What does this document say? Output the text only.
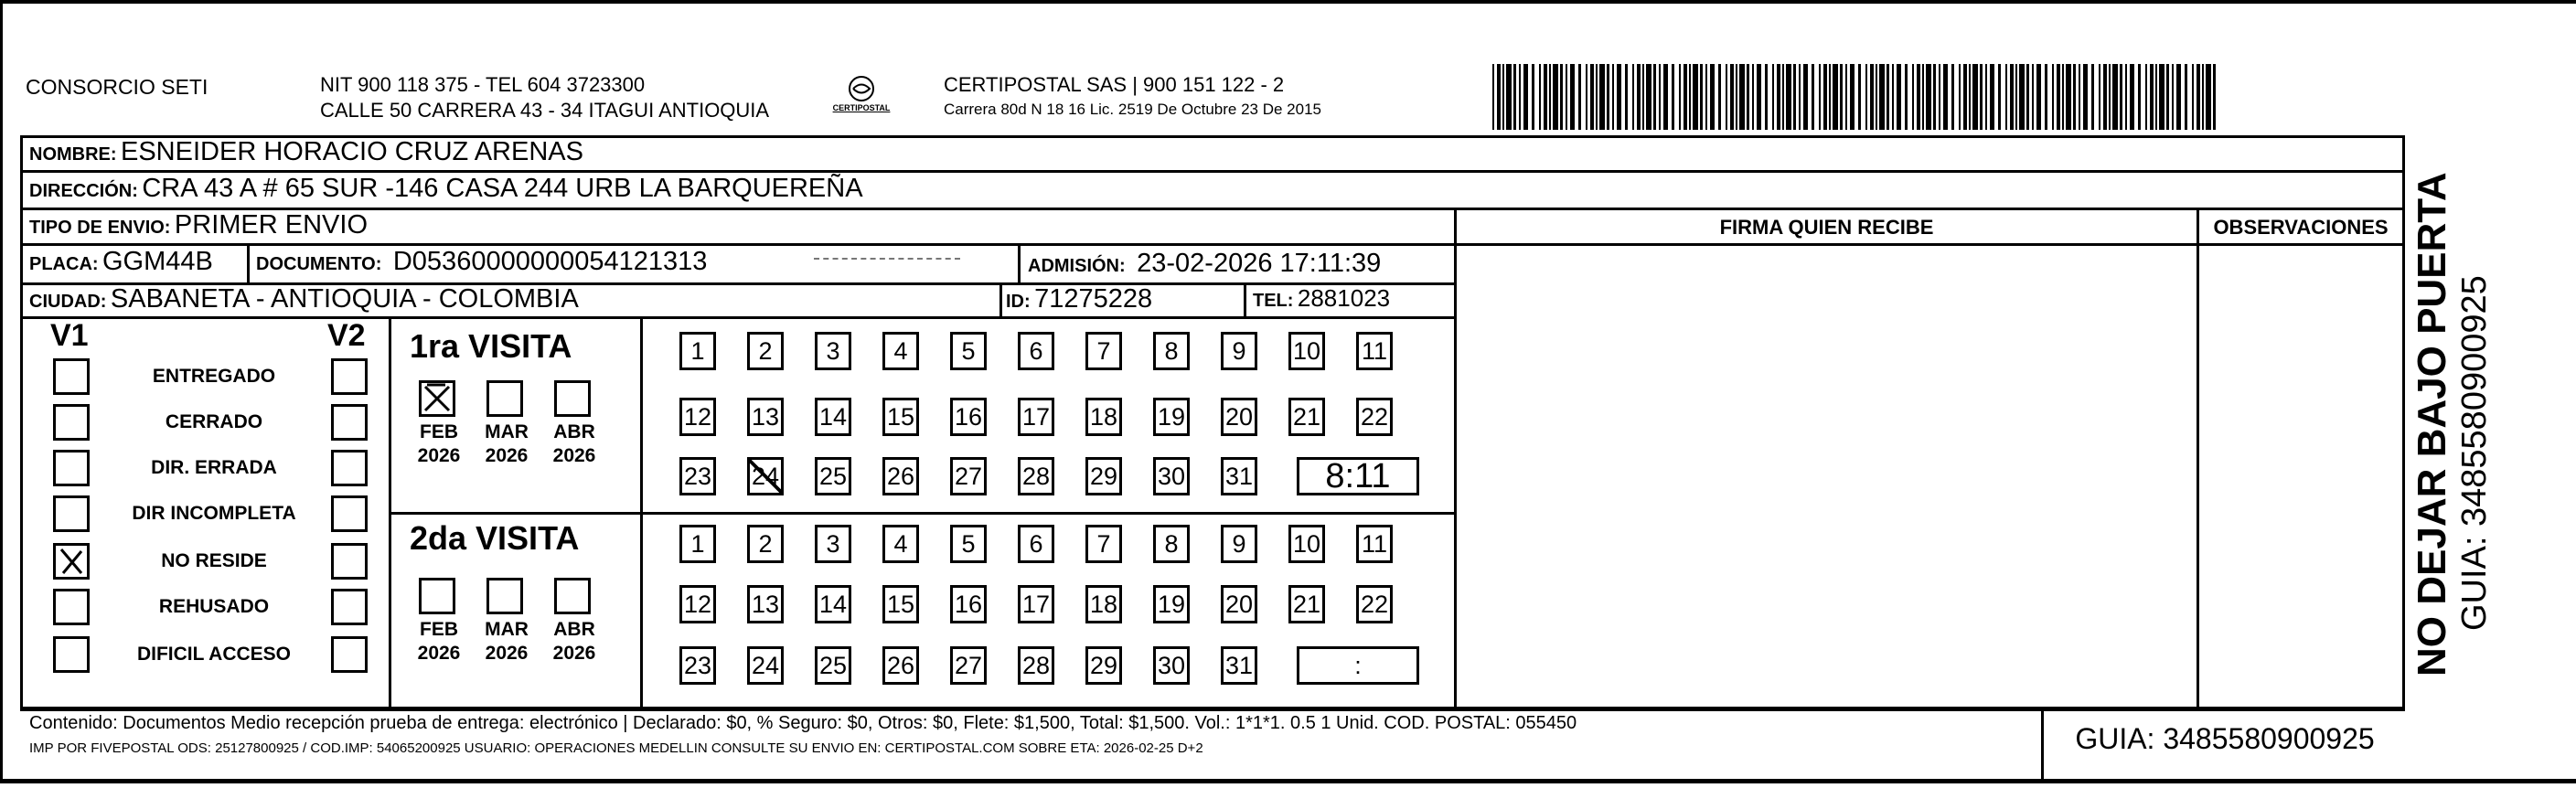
CONSORCIO SETI	NIT 900 118 375 - TEL 604 3723300
CALLE 50 CARRERA 43 - 34 ITAGUI ANTIOQUIA	CERTIPOSTAL
CERTIPOSTAL SAS | 900 151 122 - 2
Carrera 80d N 18 16 Lic. 2519 De Octubre 23 De 2015
NOMBRE: ESNEIDER HORACIO CRUZ ARENAS
DIRECCIÓN: CRA 43 A # 65 SUR -146 CASA 244 URB LA BARQUEREÑA
TIPO DE ENVIO: PRIMER ENVIO	FIRMA QUIEN RECIBE	OBSERVACIONES
PLACA: GGM44B DOCUMENTO: D05360000000054121313	ADMISIÓN: 23-02-2026 17:11:39
CIUDAD: SABANETA - ANTIOQUIA - COLOMBIA	ID: 71275228	TEL: 2881023
V1	V2
ENTREGADO
CERRADO
DIR. ERRADA
DIR INCOMPLETA
NO RESIDE
REHUSADO
DIFICIL ACCESO
1ra VISITA
2da VISITA
FEB
2026
MAR
2026
ABR
2026
1	2	3	4	5	6	7	8	9	10 11
12 13 14 15 16 17 18 19 20 21 22
23 24 25 26 27 28 29 30 31	8:11
FEB
2026
MAR
2026
ABR
2026
1	2	3	4	5	6	7	8	9	10 11
12 13 14 15 16 17 18 19 20 21 22
23 24 25 26 27 28 29 30 31	:
Contenido: Documentos Medio recepción prueba de entrega: electrónico | Declarado: $0, % Seguro: $0, Otros: $0, Flete: $1,500, Total: $1,500. Vol.: 1*1*1. 0.5 1 Unid. COD. POSTAL: 055450
IMP POR FIVEPOSTAL ODS: 25127800925 / COD.IMP: 54065200925 USUARIO: OPERACIONES MEDELLIN CONSULTE SU ENVIO EN: CERTIPOSTAL.COM SOBRE ETA: 2026-02-25 D+2	GUIA: 3485580900925
NO DEJAR BAJO PUERTA GUIA: 3485580900925
